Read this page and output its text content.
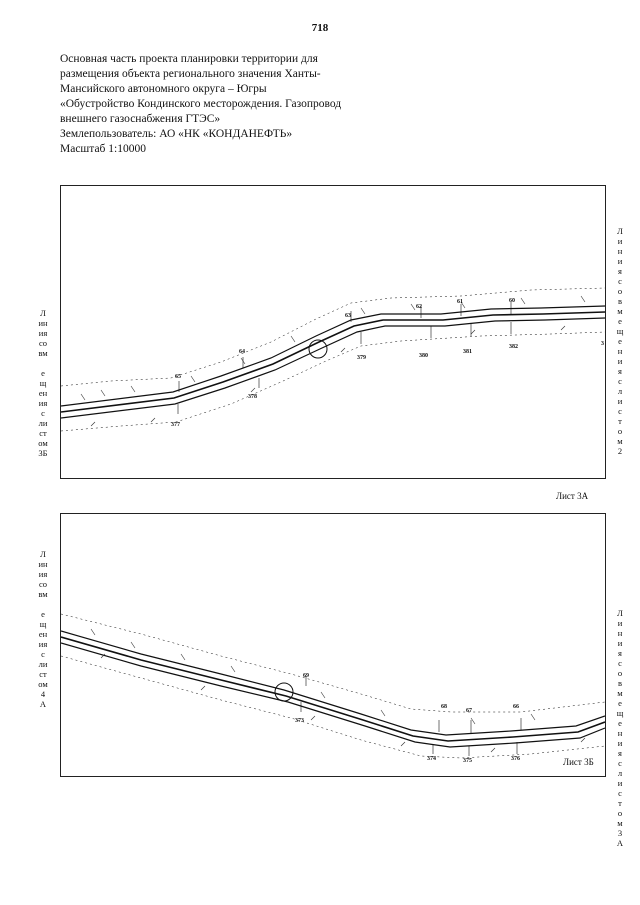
718
Основная часть проекта планировки территории для
размещения объекта регионального значения Ханты-
Мансийского автономного округа – Югры
«Обустройство Кондинского месторождения. Газопровод
внешнего газоснабжения ГТЭС»
Землепользователь: АО «НК «КОНДАНЕФТЬ»
Масштаб 1:10000
Л
ин
ия
со
вм

е
щ
ен
ия
с
ли
ст
ом
3Б
65
64
63
62
61	60
377
378
379	380
381
382	3
Л
и
н
и
я
с
о
в
м
е
щ
е
н
и
я
с
л
и
с
т
о
м
2
Лист 3А
Л
ин
ия
со
вм

е
щ
ен
ия
с
ли
ст
ом
4
А
69
68
67
66
373
374	375	376
Л
и
н
и
я
с
о
в
м
е
щ
е
н
и
я
с
л
и
с
т
о
м
3
А
Лист 3Б
